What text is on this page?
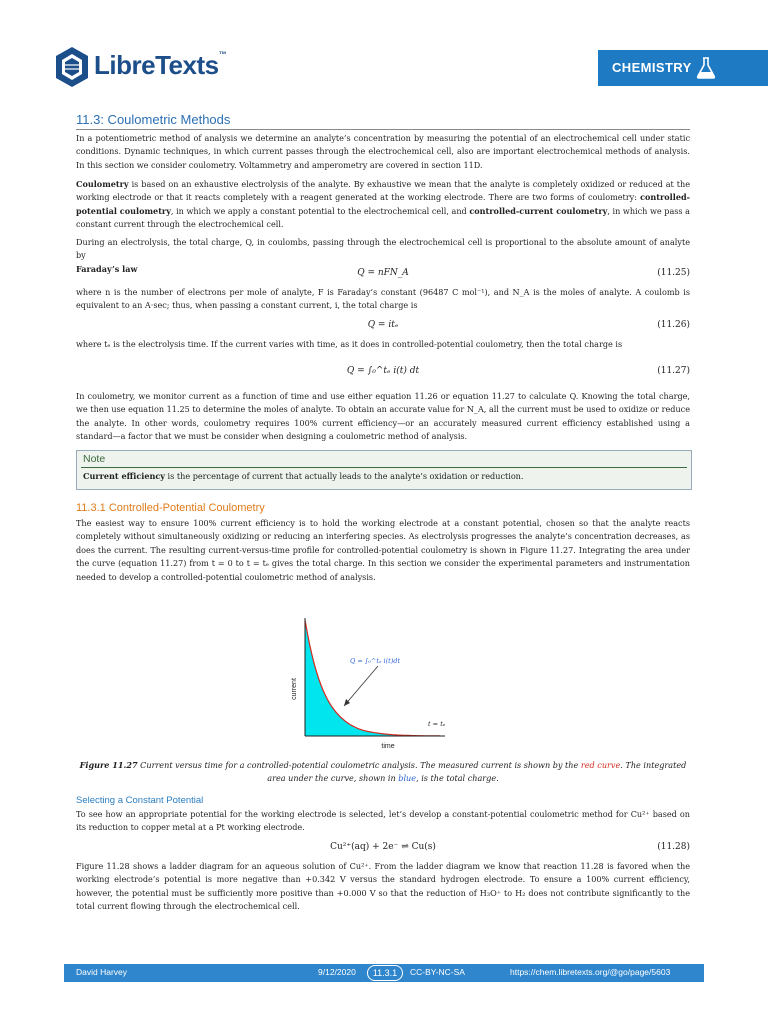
LibreTexts™
CHEMISTRY
11.3: Coulometric Methods
In a potentiometric method of analysis we determine an analyte’s concentration by measuring the potential of an electrochemical cell under static conditions. Dynamic techniques, in which current passes through the electrochemical cell, also are important electrochemical methods of analysis. In this section we consider coulometry. Voltammetry and amperometry are covered in section 11D.
Coulometry is based on an exhaustive electrolysis of the analyte. By exhaustive we mean that the analyte is completely oxidized or reduced at the working electrode or that it reacts completely with a reagent generated at the working electrode. There are two forms of coulometry: controlled-potential coulometry, in which we apply a constant potential to the electrochemical cell, and controlled-current coulometry, in which we pass a constant current through the electrochemical cell.
During an electrolysis, the total charge, Q, in coulombs, passing through the electrochemical cell is proportional to the absolute amount of analyte by
Faraday’s law	Q = nFN_A	(11.25)
where n is the number of electrons per mole of analyte, F is Faraday’s constant (96487 C mol⁻¹), and N_A is the moles of analyte. A coulomb is equivalent to an A·sec; thus, when passing a constant current, i, the total charge is
Q = itₑ	(11.26)
where tₑ is the electrolysis time. If the current varies with time, as it does in controlled-potential coulometry, then the total charge is
Q = ∫₀^tₑ i(t) dt	(11.27)
In coulometry, we monitor current as a function of time and use either equation 11.26 or equation 11.27 to calculate Q. Knowing the total charge, we then use equation 11.25 to determine the moles of analyte. To obtain an accurate value for N_A, all the current must be used to oxidize or reduce the analyte. In other words, coulometry requires 100% current efficiency—or an accurately measured current efficiency established using a standard—a factor that we must be consider when designing a coulometric method of analysis.
Note
Current efficiency is the percentage of current that actually leads to the analyte’s oxidation or reduction.
11.3.1 Controlled-Potential Coulometry
The easiest way to ensure 100% current efficiency is to hold the working electrode at a constant potential, chosen so that the analyte reacts completely without simultaneously oxidizing or reducing an interfering species. As electrolysis progresses the analyte’s concentration decreases, as does the current. The resulting current-versus-time profile for controlled-potential coulometry is shown in Figure 11.27. Integrating the area under the curve (equation 11.27) from t = 0 to t = tₑ gives the total charge. In this section we consider the experimental parameters and instrumentation needed to develop a controlled-potential coulometric method of analysis.
current
time
Q = ∫₀^tₑ i(t)dt
t = tₑ
Figure 11.27 Current versus time for a controlled-potential coulometric analysis. The measured current is shown by the red curve. The integrated area under the curve, shown in blue, is the total charge.
Selecting a Constant Potential
To see how an appropriate potential for the working electrode is selected, let’s develop a constant-potential coulometric method for Cu²⁺ based on its reduction to copper metal at a Pt working electrode.
Cu²⁺(aq) + 2e⁻ ⇌ Cu(s)	(11.28)
Figure 11.28 shows a ladder diagram for an aqueous solution of Cu²⁺. From the ladder diagram we know that reaction 11.28 is favored when the working electrode’s potential is more negative than +0.342 V versus the standard hydrogen electrode. To ensure a 100% current efficiency, however, the potential must be sufficiently more positive than +0.000 V so that the reduction of H₃O⁺ to H₂ does not contribute significantly to the total current flowing through the electrochemical cell.
David Harvey	9/12/2020	11.3.1	CC-BY-NC-SA	https://chem.libretexts.org/@go/page/5603
